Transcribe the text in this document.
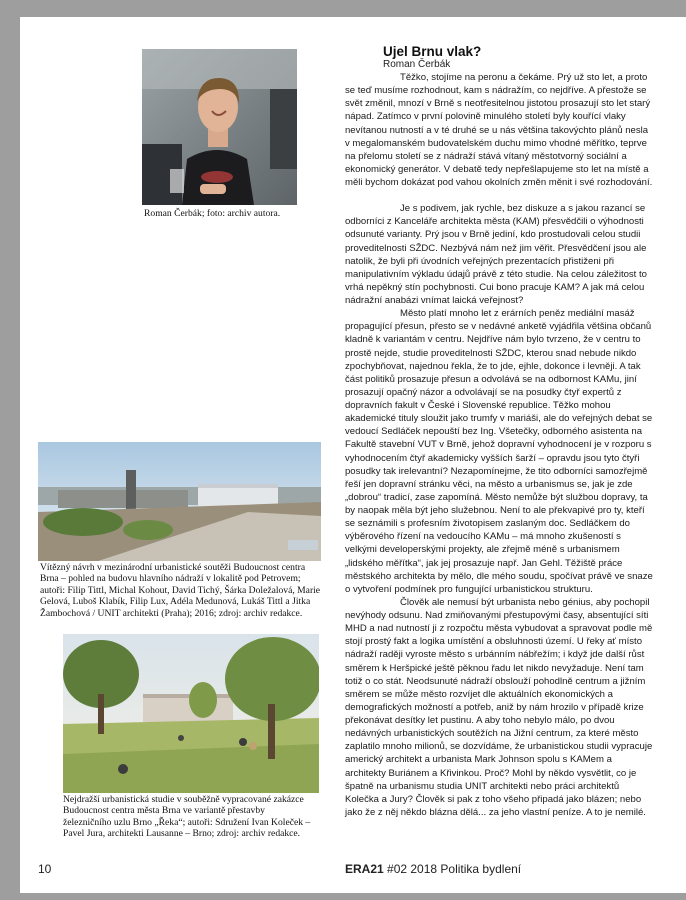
Roman Čerbák; foto: archiv autora.
Vítězný návrh v mezinárodní urbanistické soutěži Budoucnost centra Brna – pohled na budovu hlavního nádraží v lokalitě pod Petrovem; autoři: Filip Tittl, Michal Kohout, David Tichý, Šárka Doležalová, Marie Gelová, Luboš Klabík, Filip Lux, Adéla Medunová, Lukáš Tittl a Jitka Žambochová / UNIT architekti (Praha); 2016; zdroj: archiv redakce.
Nejdražší urbanistická studie v souběžně vypracované zakázce Budoucnost centra města Brna ve variantě přestavby železničního uzlu Brno „Řeka“; autoři: Sdružení Ivan Koleček – Pavel Jura, architekti Lausanne – Brno; zdroj: archiv redakce.
Ujel Brnu vlak?
Roman Čerbák

Těžko, stojíme na peronu a čekáme. Prý už sto let, a proto se teď musíme rozhodnout, kam s nádražím, co nejdříve. A přestože se svět změnil, mnozí v Brně s neotřesitelnou jistotou prosazují sto let starý nápad. Zatímco v první polovině minulého století byly kouřící vlaky nevítanou nutností a v té druhé se u nás většina takovýchto plánů nesla v megalomanském budovatelském duchu mimo vhodné měřítko, teprve na přelomu století se z nádraží stává vítaný městotvorný sociální a ekonomický generátor. V debatě tedy nepřešlapujeme sto let na místě a měli bychom dokázat pod vahou okolních změn měnit i své rozhodování.

Je s podivem, jak rychle, bez diskuze a s jakou razancí se odborníci z Kanceláře architekta města (KAM) přesvědčili o výhodnosti odsunuté varianty. Prý jsou v Brně jediní, kdo prostudovali celou studii proveditelnosti SŽDC. Nezbývá nám než jim věřit. Přesvědčení jsou ale natolik, že byli při úvodních veřejných prezentacích přistiženi při manipulativním výkladu údajů právě z této studie. Na celou záležitost to vrhá nepěkný stín pochybnosti. Cui bono pracuje KAM? A jak má celou nádražní anabázi vnímat laická veřejnost?

Město platí mnoho let z erárních peněz mediální masáž propagující přesun, přesto se v nedávné anketě vyjádřila většina občanů kladně k variantám v centru. Nejdříve nám bylo tvrzeno, že v centru to prostě nejde, studie proveditelnosti SŽDC, kterou snad nebude nikdo zpochybňovat, najednou řekla, že to jde, ejhle, dokonce i levněji. A tak část politiků prosazuje přesun a odvolává se na odbornost KAMu, jiní prosazují opačný názor a odvolávají se na posudky čtyř expertů z dopravních fakult v České i Slovenské republice. Těžko mohou akademické tituly sloužit jako trumfy v mariáši, ale do veřejných debat se vedoucí Sedláček nepouští bez Ing. Všetečky, odborného asistenta na Fakultě stavební VUT v Brně, jehož dopravní vyhodnocení je v rozporu s vyhodnocením čtyř akademicky vyšších šarží – opravdu jsou tyto čtyři posudky tak irelevantní? Nezapomínejme, že tito odborníci samozřejmě řeší jen dopravní stránku věci, na město a urbanismus se, jak je zde „dobrou“ tradicí, zase zapomíná. Město nemůže být službou dopravy, ta by naopak měla být jeho služebnou. Není to ale překvapivé pro ty, kteří se seznámili s profesním životopisem zaslaným doc. Sedláčkem do výběrového řízení na vedoucího KAMu – má mnoho zkušeností s velkými developerskými projekty, ale zřejmě méně s urbanismem „lidského měřítka“, jak jej prosazuje např. Jan Gehl. Těžiště práce městského architekta by mělo, dle mého soudu, spočívat právě ve snaze o vytvoření podmínek pro fungující urbanistickou strukturu.

Člověk ale nemusí být urbanista nebo génius, aby pochopil nevýhody odsunu. Nad zmiňovanými přestupovými časy, absentující síti MHD a nad nutností ji z rozpočtu města vybudovat a spravovat podle mě stojí prostý fakt a logika umístění a obsluhnosti území. U řeky ať místo nádraží raději vyroste město s urbánním nábřežím; i když jde další růst směrem k Heršpické ještě pěknou řadu let nikdo nevyžaduje. Není tam totiž o co stát. Neodsunuté nádraží obslouží pohodlně centrum a jižním směrem se může město rozvíjet dle aktuálních ekonomických a demografických možností a potřeb, aniž by nám hrozilo v případě krize překonávat desítky let pustinu. A aby toho nebylo málo, po dvou nedávných urbanistických soutěžích na Jižní centrum, za které město zaplatilo mnoho milionů, se dozvídáme, že urbanistickou studii vypracuje americký architekt a urbanista Mark Johnson spolu s KAMem a architekty Buriánem a Křivinkou. Proč? Mohl by někdo vysvětlit, co je špatně na urbanismu studia UNIT architekti nebo práci architektů Kolečka a Jury? Člověk si pak z toho všeho připadá jako blázen; nebo jako že z něj někdo blázna dělá... za jeho vlastní peníze. A to je nemilé.

10	ERA21 #02 2018 Politika bydlení
